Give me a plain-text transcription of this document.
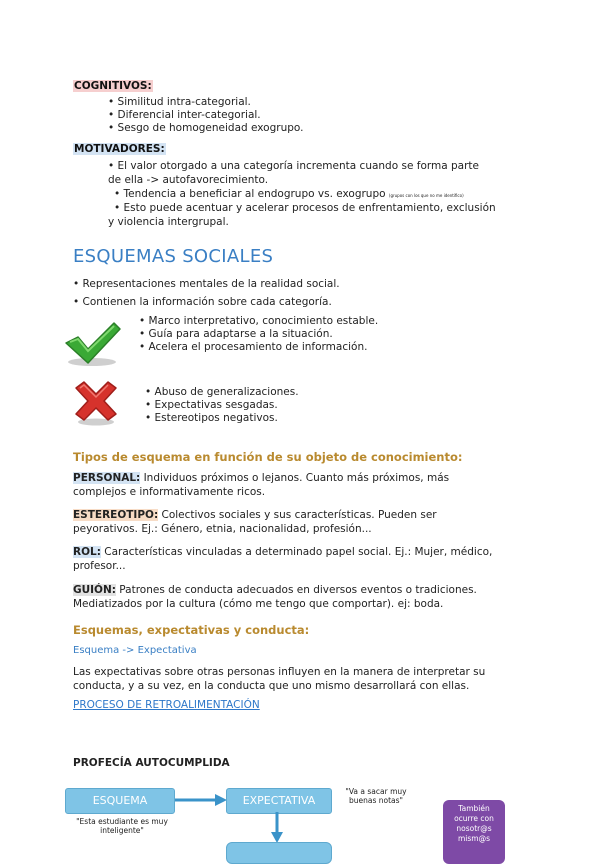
COGNITIVOS:
• Similitud intra-categorial.
• Diferencial inter-categorial.
• Sesgo de homogeneidad exogrupo.
MOTIVADORES:
• El valor otorgado a una categoría incrementa cuando se forma parte
de ella -> autofavorecimiento.
• Tendencia a beneficiar al endogrupo vs. exogrupo (grupos con los que no me identifico)
• Esto puede acentuar y acelerar procesos de enfrentamiento, exclusión
y violencia intergrupal.
ESQUEMAS SOCIALES
• Representaciones mentales de la realidad social.
• Contienen la información sobre cada categoría.
• Marco interpretativo, conocimiento estable.
• Guía para adaptarse a la situación.
• Acelera el procesamiento de información.
• Abuso de generalizaciones.
• Expectativas sesgadas.
• Estereotipos negativos.
Tipos de esquema en función de su objeto de conocimiento:
PERSONAL: Individuos próximos o lejanos. Cuanto más próximos, más
complejos e informativamente ricos.
ESTEREOTIPO: Colectivos sociales y sus características. Pueden ser
peyorativos. Ej.: Género, etnia, nacionalidad, profesión...
ROL: Características vinculadas a determinado papel social. Ej.: Mujer, médico,
profesor...
GUIÓN: Patrones de conducta adecuados en diversos eventos o tradiciones.
Mediatizados por la cultura (cómo me tengo que comportar). ej: boda.
Esquemas, expectativas y conducta:
Esquema -> Expectativa
Las expectativas sobre otras personas influyen en la manera de interpretar su
conducta, y a su vez, en la conducta que uno mismo desarrollará con ellas.
PROCESO DE RETROALIMENTACIÓN
PROFECÍA AUTOCUMPLIDA
ESQUEMA	EXPECTATIVA
"Esta estudiante es muy
inteligente"
"Va a sacar muy
buenas notas"
También
ocurre con
nosotr@s
mism@s
